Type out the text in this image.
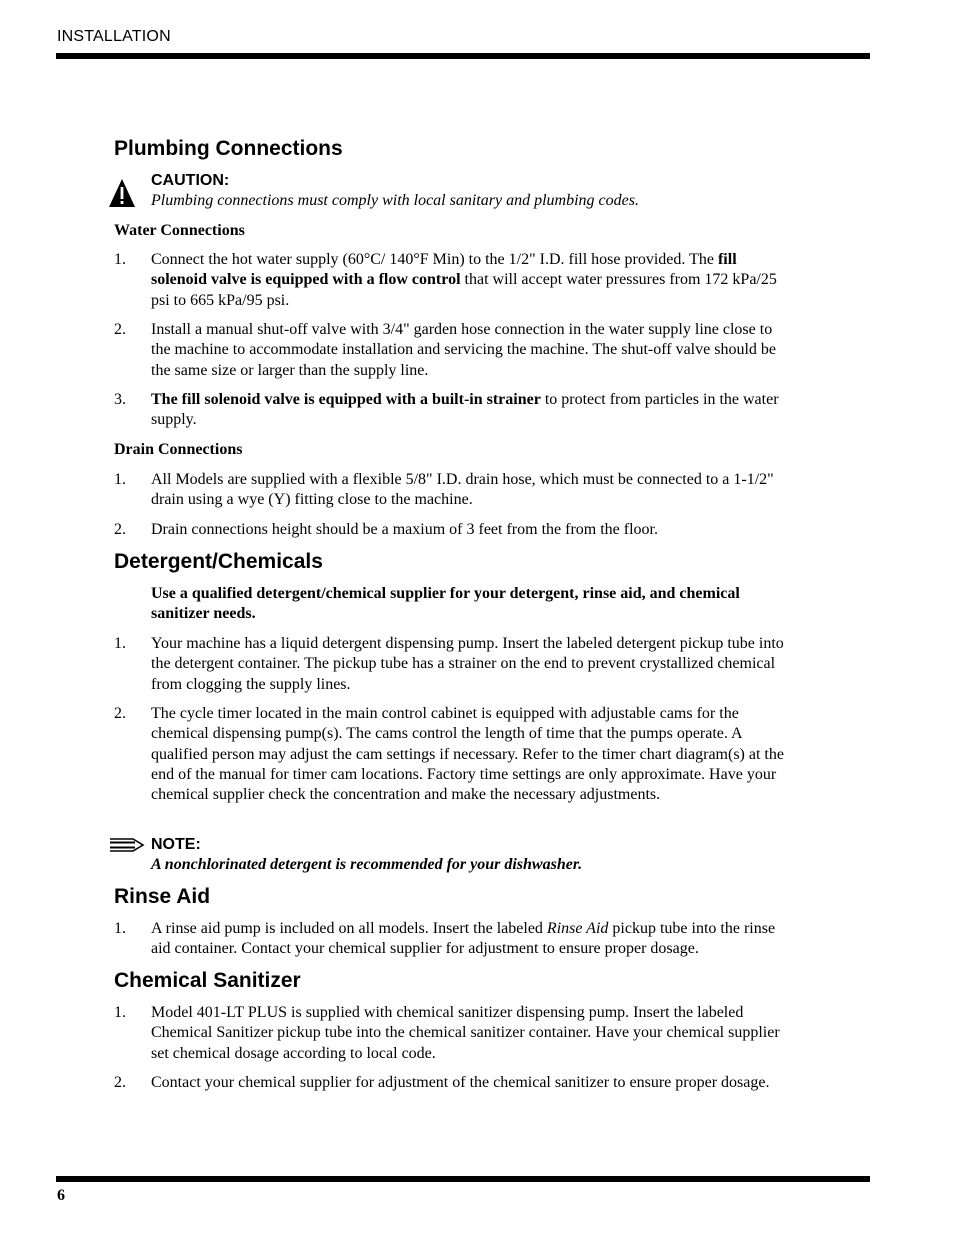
INSTALLATION
Plumbing Connections
CAUTION:
Plumbing connections must comply with local sanitary and plumbing codes.
Water Connections
1. Connect the hot water supply (60°C/ 140°F Min) to the 1/2" I.D. fill hose provided. The fill solenoid valve is equipped with a flow control that will accept water pressures from 172 kPa/25 psi to 665 kPa/95 psi.
2. Install a manual shut-off valve with 3/4" garden hose connection in the water supply line close to the machine to accommodate installation and servicing the machine. The shut-off valve should be the same size or larger than the supply line.
3. The fill solenoid valve is equipped with a built-in strainer to protect from particles in the water supply.
Drain Connections
1. All Models are supplied with a flexible 5/8" I.D. drain hose, which must be connected to a 1-1/2" drain using a wye (Y) fitting close to the machine.
2. Drain connections height should be a maxium of 3 feet from the from the floor.
Detergent/Chemicals
Use a qualified detergent/chemical supplier for your detergent, rinse aid, and chemical sanitizer needs.
1. Your machine has a liquid detergent dispensing pump. Insert the labeled detergent pickup tube into the detergent container. The pickup tube has a strainer on the end to prevent crystallized chemical from clogging the supply lines.
2. The cycle timer located in the main control cabinet is equipped with adjustable cams for the chemical dispensing pump(s). The cams control the length of time that the pumps operate. A qualified person may adjust the cam settings if necessary. Refer to the timer chart diagram(s) at the end of the manual for timer cam locations. Factory time settings are only approximate. Have your chemical supplier check the concentration and make the necessary adjustments.
NOTE:
A nonchlorinated detergent is recommended for your dishwasher.
Rinse Aid
1. A rinse aid pump is included on all models. Insert the labeled Rinse Aid pickup tube into the rinse aid container. Contact your chemical supplier for adjustment to ensure proper dosage.
Chemical Sanitizer
1. Model 401-LT PLUS is supplied with chemical sanitizer dispensing pump. Insert the labeled Chemical Sanitizer pickup tube into the chemical sanitizer container. Have your chemical supplier set chemical dosage according to local code.
2. Contact your chemical supplier for adjustment of the chemical sanitizer to ensure proper dosage.
6
